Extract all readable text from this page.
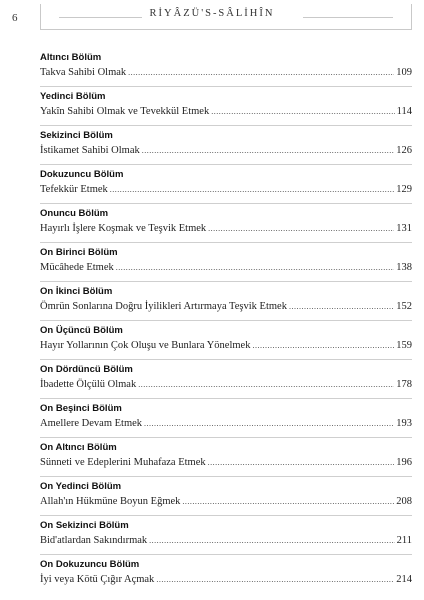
6	RİYÂZÜ'S-SÂLİHÎN
Altıncı Bölüm
Takva Sahibi Olmak .....	109
Yedinci Bölüm
Yakîn Sahibi Olmak ve Tevekkül Etmek .....	114
Sekizinci Bölüm
İstikamet Sahibi Olmak .....	126
Dokuzuncu Bölüm
Tefekkür Etmek .....	129
Onuncu Bölüm
Hayırlı İşlere Koşmak ve Teşvik Etmek .....	131
On Birinci Bölüm
Mücâhede Etmek .....	138
On İkinci Bölüm
Ömrün Sonlarına Doğru İyilikleri Artırmaya Teşvik Etmek .....	152
On Üçüncü Bölüm
Hayır Yollarının Çok Oluşu ve Bunlara Yönelmek .....	159
On Dördüncü Bölüm
İbadette Ölçülü Olmak .....	178
On Beşinci Bölüm
Amellere Devam Etmek .....	193
On Altıncı Bölüm
Sünneti ve Edeplerini Muhafaza Etmek .....	196
On Yedinci Bölüm
Allah'ın Hükmüne Boyun Eğmek .....	208
On Sekizinci Bölüm
Bid'atlardan Sakındırmak .....	211
On Dokuzuncu Bölüm
İyi veya Kötü Çığır Açmak .....	214
